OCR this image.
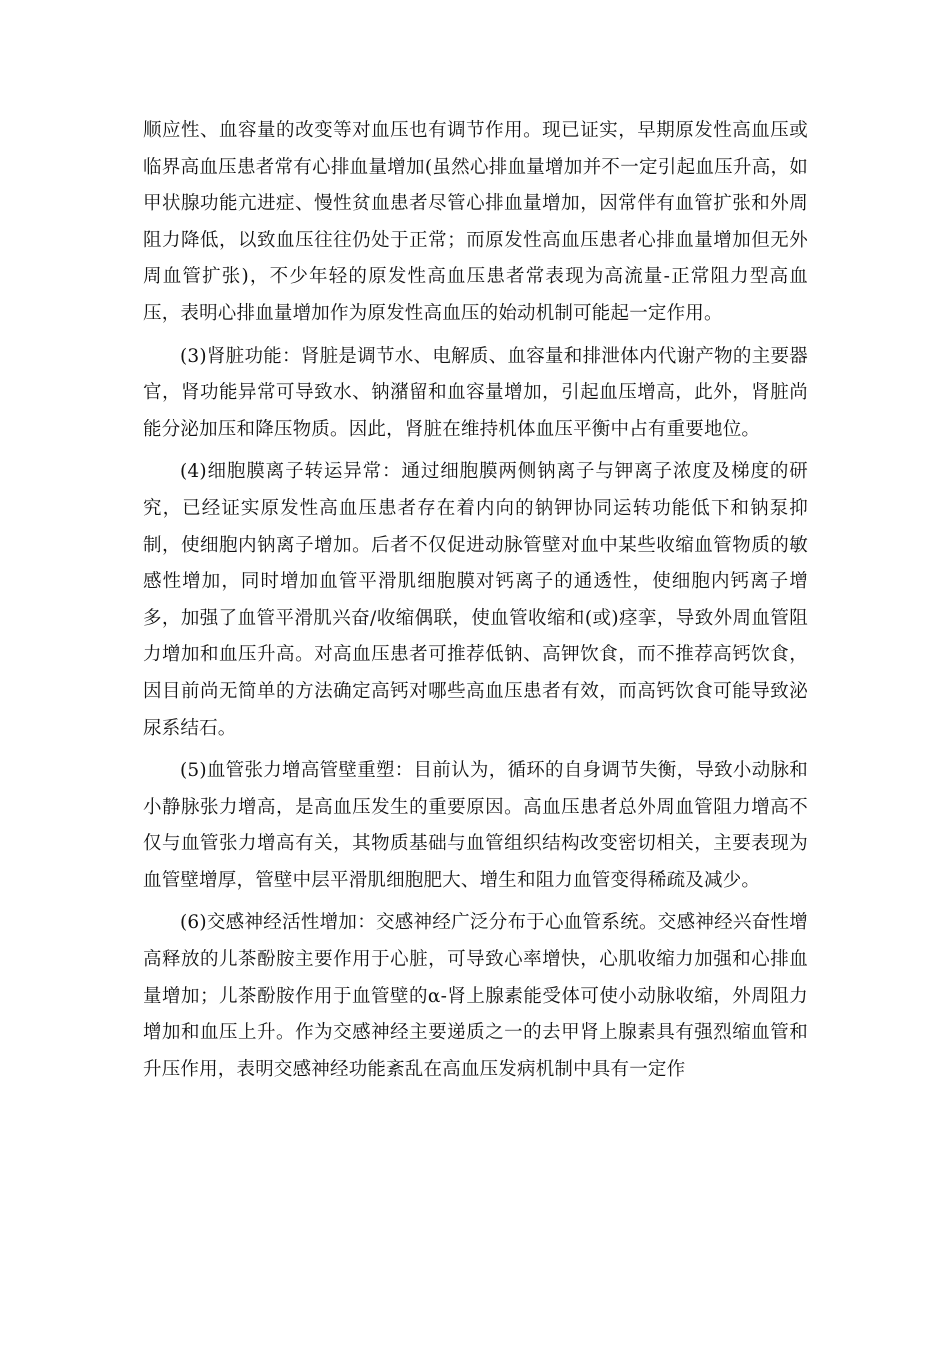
顺应性、血容量的改变等对血压也有调节作用。现已证实，早期原发性高血压或临界高血压患者常有心排血量增加(虽然心排血量增加并不一定引起血压升高，如甲状腺功能亢进症、慢性贫血患者尽管心排血量增加，因常伴有血管扩张和外周阻力降低，以致血压往往仍处于正常；而原发性高血压患者心排血量增加但无外周血管扩张)，不少年轻的原发性高血压患者常表现为高流量-正常阻力型高血压，表明心排血量增加作为原发性高血压的始动机制可能起一定作用。

(3)肾脏功能：肾脏是调节水、电解质、血容量和排泄体内代谢产物的主要器官，肾功能异常可导致水、钠潴留和血容量增加，引起血压增高，此外，肾脏尚能分泌加压和降压物质。因此，肾脏在维持机体血压平衡中占有重要地位。

(4)细胞膜离子转运异常：通过细胞膜两侧钠离子与钾离子浓度及梯度的研究，已经证实原发性高血压患者存在着内向的钠钾协同运转功能低下和钠泵抑制，使细胞内钠离子增加。后者不仅促进动脉管壁对血中某些收缩血管物质的敏感性增加，同时增加血管平滑肌细胞膜对钙离子的通透性，使细胞内钙离子增多，加强了血管平滑肌兴奋/收缩偶联，使血管收缩和(或)痉挛，导致外周血管阻力增加和血压升高。对高血压患者可推荐低钠、高钾饮食，而不推荐高钙饮食，因目前尚无简单的方法确定高钙对哪些高血压患者有效，而高钙饮食可能导致泌尿系结石。

(5)血管张力增高管壁重塑：目前认为，循环的自身调节失衡，导致小动脉和小静脉张力增高，是高血压发生的重要原因。高血压患者总外周血管阻力增高不仅与血管张力增高有关，其物质基础与血管组织结构改变密切相关，主要表现为血管壁增厚，管壁中层平滑肌细胞肥大、增生和阻力血管变得稀疏及减少。

(6)交感神经活性增加：交感神经广泛分布于心血管系统。交感神经兴奋性增高释放的儿茶酚胺主要作用于心脏，可导致心率增快，心肌收缩力加强和心排血量增加；儿茶酚胺作用于血管壁的α-肾上腺素能受体可使小动脉收缩，外周阻力增加和血压上升。作为交感神经主要递质之一的去甲肾上腺素具有强烈缩血管和升压作用，表明交感神经功能紊乱在高血压发病机制中具有一定作
